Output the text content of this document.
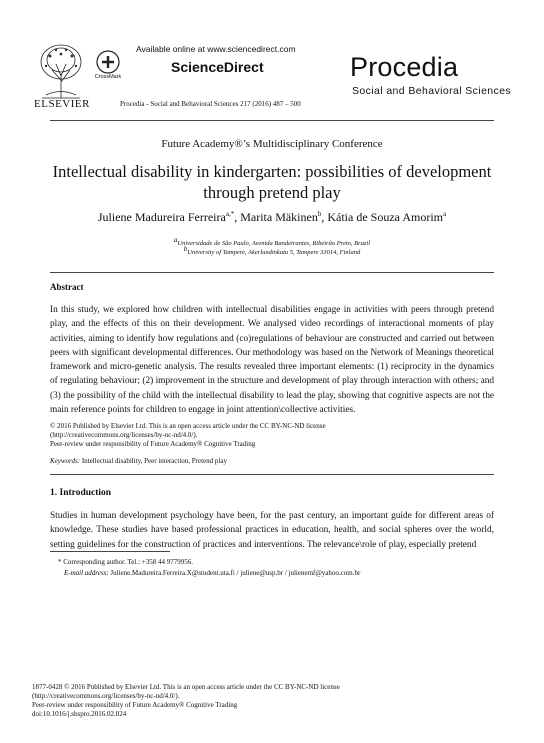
ELSEVIER
CrossMark
Available online at www.sciencedirect.com
ScienceDirect
Procedia - Social and Behavioral Sciences 217 (2016) 487 – 500
Procedia
Social and Behavioral Sciences
Future Academy®’s Multidisciplinary Conference
Intellectual disability in kindergarten: possibilities of development
through pretend play
Juliene Madureira Ferreira$^{a,*}$, Marita Mäkinen$^b$, Kátia de Souza Amorim$^a$
$^a$Universidade de São Paulo, Avenida Bandeirantes, Ribeirão Preto, Brazil
$^b$University of Tampere, Akerlundinkatu 5, Tampere 33014, Finland
Abstract
In this study, we explored how children with intellectual disabilities engage in activities with peers through pretend play, and the effects of this on their development. We analysed video recordings of interactional moments of play activities, aiming to identify how regulations and (co)regulations of behaviour are constructed and carried out between peers with significant developmental differences. Our methodology was based on the Network of Meanings theoretical framework and micro-genetic analysis. The results revealed three important elements: (1) reciprocity in the dynamics of regulating behaviour; (2) improvement in the structure and development of play through interaction with others; and (3) the possibility of the child with the intellectual disability to lead the play, showing that cognitive aspects are not the main reference points for children to engage in joint attention\collective activities.
© 2016 Published by Elsevier Ltd. This is an open access article under the CC BY-NC-ND license
(http://creativecommons.org/licenses/by-nc-nd/4.0/).
Peer-review under responsibility of Future Academy® Cognitive Trading
Keywords: Intellectual disability, Peer interaction, Pretend play
1. Introduction
Studies in human development psychology have been, for the past century, an important guide for different areas of knowledge. These studies have based professional practices in education, health, and social spheres over the world, setting guidelines for the construction of practices and interventions. The relevance\role of play, especially pretend
* Corresponding author. Tel.: +358 44 9779956.
E-mail address: Juliene.Madureira.Ferreira.X@student.uta.fi / juliene@usp.br / julienemf@yahoo.com.br
1877-0428 © 2016 Published by Elsevier Ltd. This is an open access article under the CC BY-NC-ND license
(http://creativecommons.org/licenses/by-nc-nd/4.0/).
Peer-review under responsibility of Future Academy® Cognitive Trading
doi:10.1016/j.sbspro.2016.02.024
